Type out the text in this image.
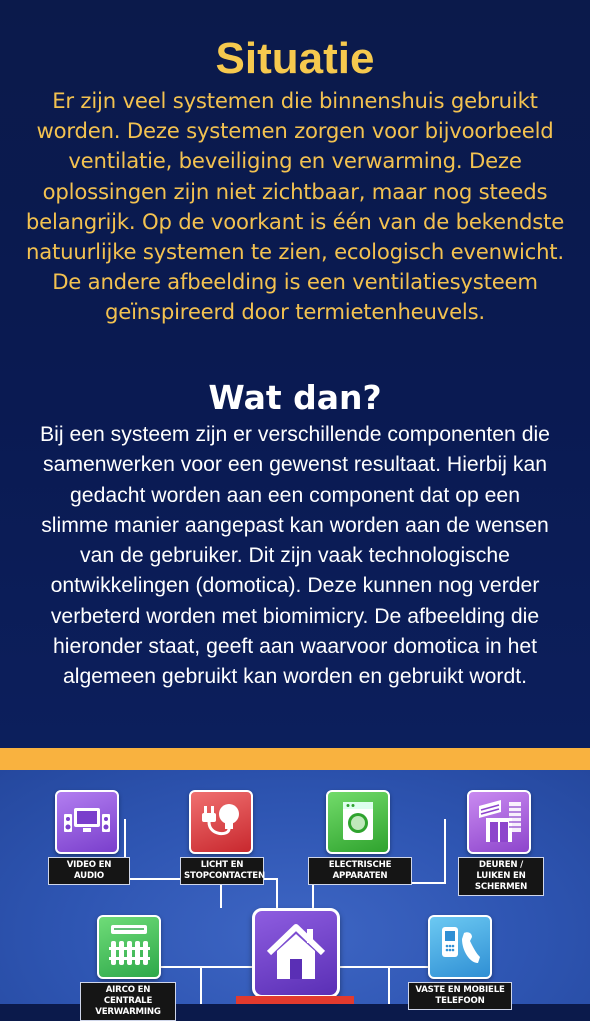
Situatie
Er zijn veel systemen die binnenshuis gebruikt
worden. Deze systemen zorgen voor bijvoorbeeld
ventilatie, beveiliging en verwarming. Deze
oplossingen zijn niet zichtbaar, maar nog steeds
belangrijk. Op de voorkant is één van de bekendste
natuurlijke systemen te zien, ecologisch evenwicht.
De andere afbeelding is een ventilatiesysteem
geïnspireerd door termietenheuvels.
Wat dan?
Bij een systeem zijn er verschillende componenten die
samenwerken voor een gewenst resultaat. Hierbij kan
gedacht worden aan een component dat op een
slimme manier aangepast kan worden aan de wensen
van de gebruiker. Dit zijn vaak technologische
ontwikkelingen (domotica). Deze kunnen nog verder
verbeterd worden met biomimicry. De afbeelding die
hieronder staat, geeft aan waarvoor domotica in het
algemeen gebruikt kan worden en gebruikt wordt.
VIDEO EN AUDIO
LICHT EN STOPCONTACTEN
ELECTRISCHE APPARATEN
DEUREN / LUIKEN EN SCHERMEN
AIRCO EN CENTRALE VERWARMING
VASTE EN MOBIELE TELEFOON
